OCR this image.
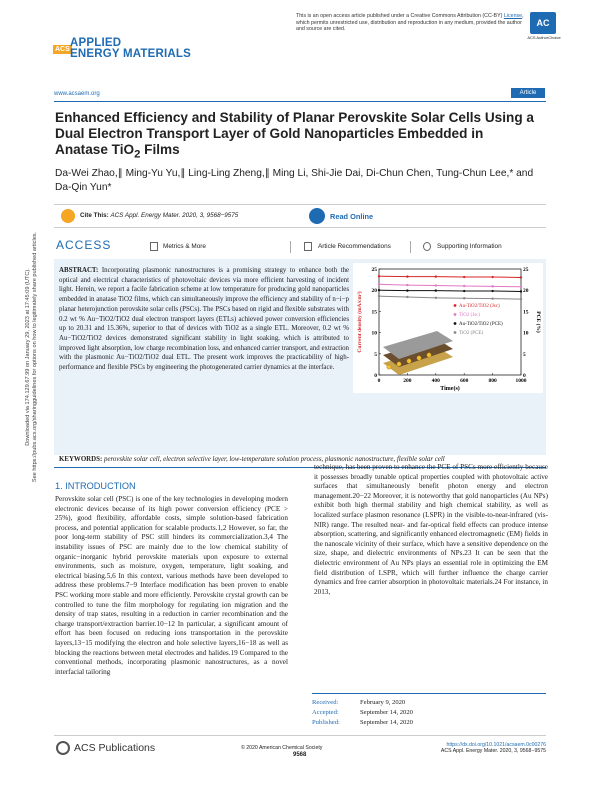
Downloaded via 174.129.67.99 on January 29, 2023 at 17:45:09 (UTC). See https://pubs.acs.org/sharingguidelines for options on how to legitimately share published articles.
This is an open access article published under a Creative Commons Attribution (CC-BY) License, which permits unrestricted use, distribution and reproduction in any medium, provided the author and source are cited.
AC
ACS AuthorChoice
ACS
APPLIED
ENERGY MATERIALS
www.acsaem.org	Article
Enhanced Efficiency and Stability of Planar Perovskite Solar Cells Using a Dual Electron Transport Layer of Gold Nanoparticles Embedded in Anatase TiO$_2$ Films
Da-Wei Zhao,∥ Ming-Yu Yu,∥ Ling-Ling Zheng,∥ Ming Li, Shi-Jie Dai, Di-Chun Chen, Tung-Chun Lee,* and Da-Qin Yun*
Cite This: ACS Appl. Energy Mater. 2020, 3, 9568−9575	Read Online
ACCESS	Metrics & More	Article Recommendations	Supporting Information
ABSTRACT: Incorporating plasmonic nanostructures is a promising strategy to enhance both the optical and electrical characteristics of photovoltaic devices via more efficient harvesting of incident light. Herein, we report a facile fabrication scheme at low temperature for producing gold nanoparticles embedded in anatase TiO2 films, which can simultaneously improve the efficiency and stability of n−i−p planar heterojunction perovskite solar cells (PSCs). The PSCs based on rigid and flexible substrates with 0.2 wt % Au−TiO2/TiO2 dual electron transport layers (ETLs) achieved power conversion efficiencies up to 20.31 and 15.36%, superior to that of devices with TiO2 as a single ETL. Moreover, 0.2 wt % Au−TiO2/TiO2 devices demonstrated significant stability in light soaking, which is attributed to improved light absorption, low charge recombination loss, and enhanced carrier transport, and extraction with the plasmonic Au−TiO2/TiO2 dual ETL. The present work improves the practicability of high-performance and flexible PSCs by engineering the photogenerated carrier dynamics at the interface.
0	200	400	600	800	1000
0
5
10
15
20
25
0
5
10
15
20
25
Time(s)
Current density (mA/cm²)	PCE (%)
Au-TiO2/TiO2 (Jsc)
TiO2 (Jsc)
Au-TiO2/TiO2 (PCE)
TiO2 (PCE)
KEYWORDS: perovskite solar cell, electron selective layer, low-temperature solution process, plasmonic nanostructure, flexible solar cell
1. INTRODUCTION
Perovskite solar cell (PSC) is one of the key technologies in developing modern electronic devices because of its high power conversion efficiency (PCE > 25%), good flexibility, affordable costs, simple solution-based fabrication process, and potential application for scalable products.1,2 However, so far, the poor long-term stability of PSC still hinders its commercialization.3,4 The instability issues of PSC are mainly due to the low chemical stability of organic−inorganic hybrid perovskite materials upon exposure to external environments, such as moisture, oxygen, temperature, light soaking, and electrical biasing.5,6 In this context, various methods have been developed to address these problems.7−9 Interface modification has been proven to enable PSC working more stable and more efficiently. Perovskite crystal growth can be controlled to tune the film morphology for regulating ion migration and the density of trap states, resulting in a reduction in carrier recombination and the charge transport/extraction barrier.10−12 In particular, a significant amount of effort has been focused on reducing ions transportation in the perovskite layers,13−15 modifying the electron and hole selective layers,16−18 as well as blocking the reactions between metal electrodes and halides.19 Compared to the conventional methods, incorporating plasmonic nanostructures, as a novel interfacial tailoring
technique, has been proven to enhance the PCE of PSCs more efficiently because it possesses broadly tunable optical properties coupled with photovoltaic active surfaces that simultaneously benefit photon energy and electron management.20−22 Moreover, it is noteworthy that gold nanoparticles (Au NPs) exhibit both high thermal stability and high chemical stability, as well as localized surface plasmon resonance (LSPR) in the visible-to-near-infrared (vis-NIR) range. The resulted near- and far-optical field effects can produce intense absorption, scattering, and significantly enhanced electromagnetic (EM) fields in the nanoscale vicinity of their surface, which have a sensitive dependence on the size, shape, and dielectric environments of NPs.23 It can be seen that the dielectric environment of Au NPs plays an essential role in optimizing the EM field distribution of LSPR, which will further influence the charge carrier dynamics and free carrier absorption in photovoltaic materials.24 For instance, in 2013,
Received:	February 9, 2020
Accepted:	September 14, 2020
Published:	September 14, 2020
ACS Publications	© 2020 American Chemical Society
9568
https://dx.doi.org/10.1021/acsaem.0c00276
ACS Appl. Energy Mater. 2020, 3, 9568−9575
